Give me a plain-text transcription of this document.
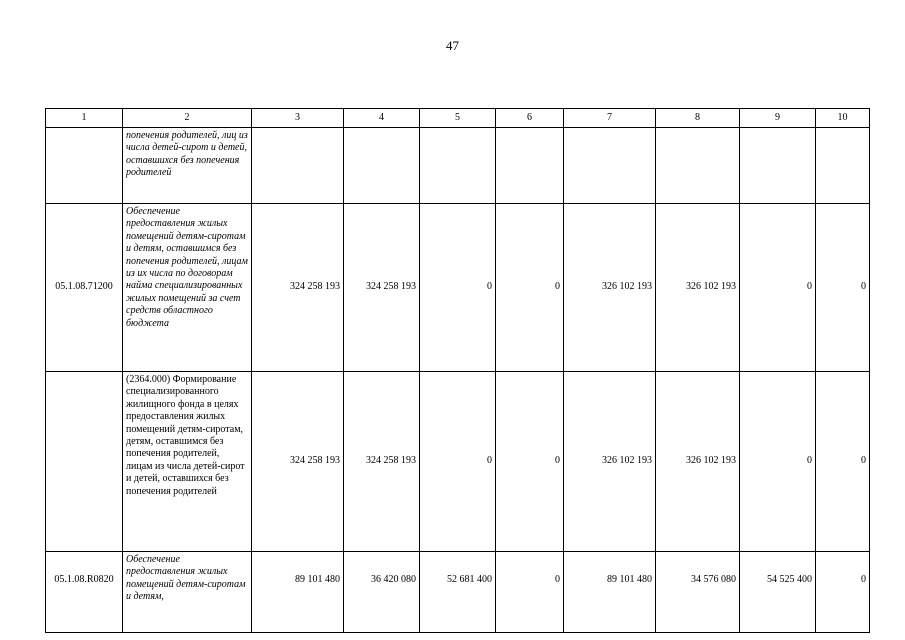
47
1	2	3	4	5	6	7	8	9	10
	попечения родителей, лиц из числа детей-сирот и детей, оставшихся без попечения родителей								
05.1.08.71200	Обеспечение предоставления жилых помещений детям-сиротам и детям, оставшимся без попечения родителей, лицам из их числа по договорам найма специализированных жилых помещений за счет средств областного бюджета	324 258 193	324 258 193	0	0	326 102 193	326 102 193	0	0
	(2364.000) Формирование специализированного жилищного фонда в целях предоставления жилых помещений детям-сиротам, детям, оставшимся без попечения родителей, лицам из числа детей-сирот и детей, оставшихся без попечения родителей	324 258 193	324 258 193	0	0	326 102 193	326 102 193	0	0
05.1.08.R0820	Обеспечение предоставления жилых помещений детям-сиротам и детям,	89 101 480	36 420 080	52 681 400	0	89 101 480	34 576 080	54 525 400	0
